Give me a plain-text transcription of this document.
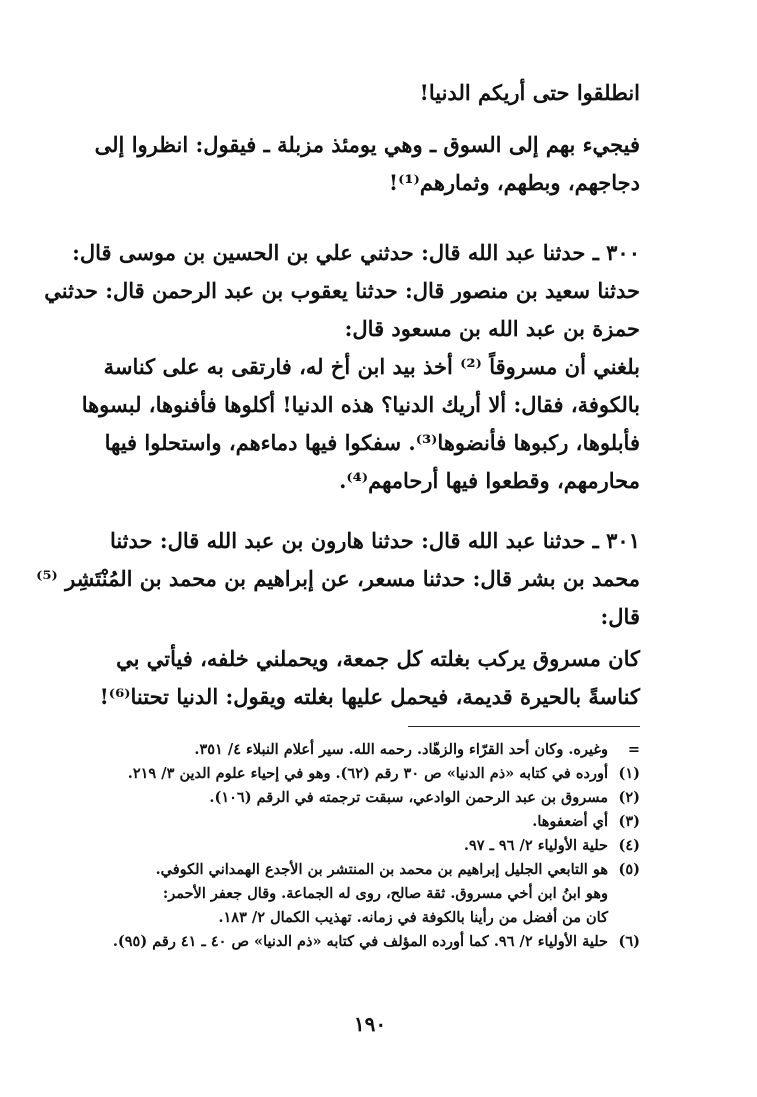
انطلقوا حتى أريكم الدنيا!
فيجيء بهم إلى السوق ـ وهي يومئذ مزبلة ـ فيقول: انظروا إلى
دجاجهم، وبطهم، وثمارهم⁽¹⁾!
٣٠٠ ـ حدثنا عبد الله قال: حدثني علي بن الحسين بن موسى قال:
حدثنا سعيد بن منصور قال: حدثنا يعقوب بن عبد الرحمن قال: حدثني
حمزة بن عبد الله بن مسعود قال:
بلغني أن مسروقاً ⁽²⁾ أخذ بيد ابن أخ له، فارتقى به على كناسة
بالكوفة، فقال: ألا أريك الدنيا؟ هذه الدنيا! أكلوها فأفنوها، لبسوها
فأبلوها، ركبوها فأنضوها⁽³⁾. سفكوا فيها دماءهم، واستحلوا فيها
محارمهم، وقطعوا فيها أرحامهم⁽⁴⁾.
٣٠١ ـ حدثنا عبد الله قال: حدثنا هارون بن عبد الله قال: حدثنا
محمد بن بشر قال: حدثنا مسعر، عن إبراهيم بن محمد بن المُنْتَشِر ⁽⁵⁾
قال:
كان مسروق يركب بغلته كل جمعة، ويحملني خلفه، فيأتي بي
كناسةً بالحيرة قديمة، فيحمل عليها بغلته ويقول: الدنيا تحتنا⁽⁶⁾!
=
وغيره. وكان أحد القرّاء والزهّاد. رحمه الله. سير أعلام النبلاء ٤/ ٣٥١.
(١)
أورده في كتابه «ذم الدنيا» ص ٣٠ رقم (٦٢). وهو في إحياء علوم الدين ٣/ ٢١٩.
(٢)
مسروق بن عبد الرحمن الوادعي، سبقت ترجمته في الرقم (١٠٦).
(٣)
أي أضعفوها.
(٤)
حلية الأولياء ٢/ ٩٦ ـ ٩٧.
(٥)
هو التابعي الجليل إبراهيم بن محمد بن المنتشر بن الأجدع الهمداني الكوفي.
وهو ابنُ ابن أخي مسروق. ثقة صالح، روى له الجماعة. وقال جعفر الأحمر:
كان من أفضل من رأينا بالكوفة في زمانه. تهذيب الكمال ٢/ ١٨٣.
(٦)
حلية الأولياء ٢/ ٩٦. كما أورده المؤلف في كتابه «ذم الدنيا» ص ٤٠ ـ ٤١ رقم (٩٥).
١٩٠
